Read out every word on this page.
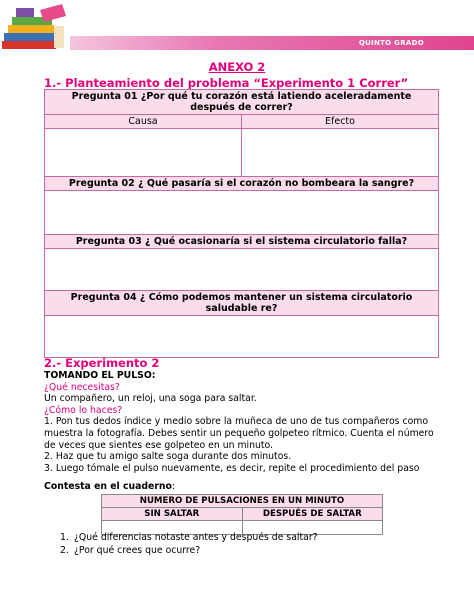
QUINTO GRADO
ANEXO 2
1.- Planteamiento del problema “Experimento 1 Correr”
Pregunta 01 ¿Por qué tu corazón está latiendo aceleradamente después de correr?	
Causa	Efecto

Pregunta 02 ¿ Qué pasaría si el corazón no bombeara la sangre?	

Pregunta 03 ¿ Qué ocasionaría si el sistema circulatorio falla?	

Pregunta 04 ¿ Cómo podemos mantener un sistema circulatorio saludable re?	

2.- Experimento 2
TOMANDO EL PULSO:
¿Qué necesitas?
Un compañero, un reloj, una soga para saltar.
¿Cómo lo haces?
1. Pon tus dedos índice y medio sobre la muñeca de uno de tus compañeros como muestra la fotografía. Debes sentir un pequeño golpeteo rítmico. Cuenta el número de veces que sientes ese golpeteo en un minuto.
2. Haz que tu amigo salte soga durante dos minutos.
3. Luego tómale el pulso nuevamente, es decir, repite el procedimiento del paso
Contesta en el cuaderno:
NUMERO DE PULSACIONES EN UN MINUTO	
SIN SALTAR	DESPUÉS DE SALTAR

1. ¿Qué diferencias notaste antes y después de saltar?
2. ¿Por qué crees que ocurre?
